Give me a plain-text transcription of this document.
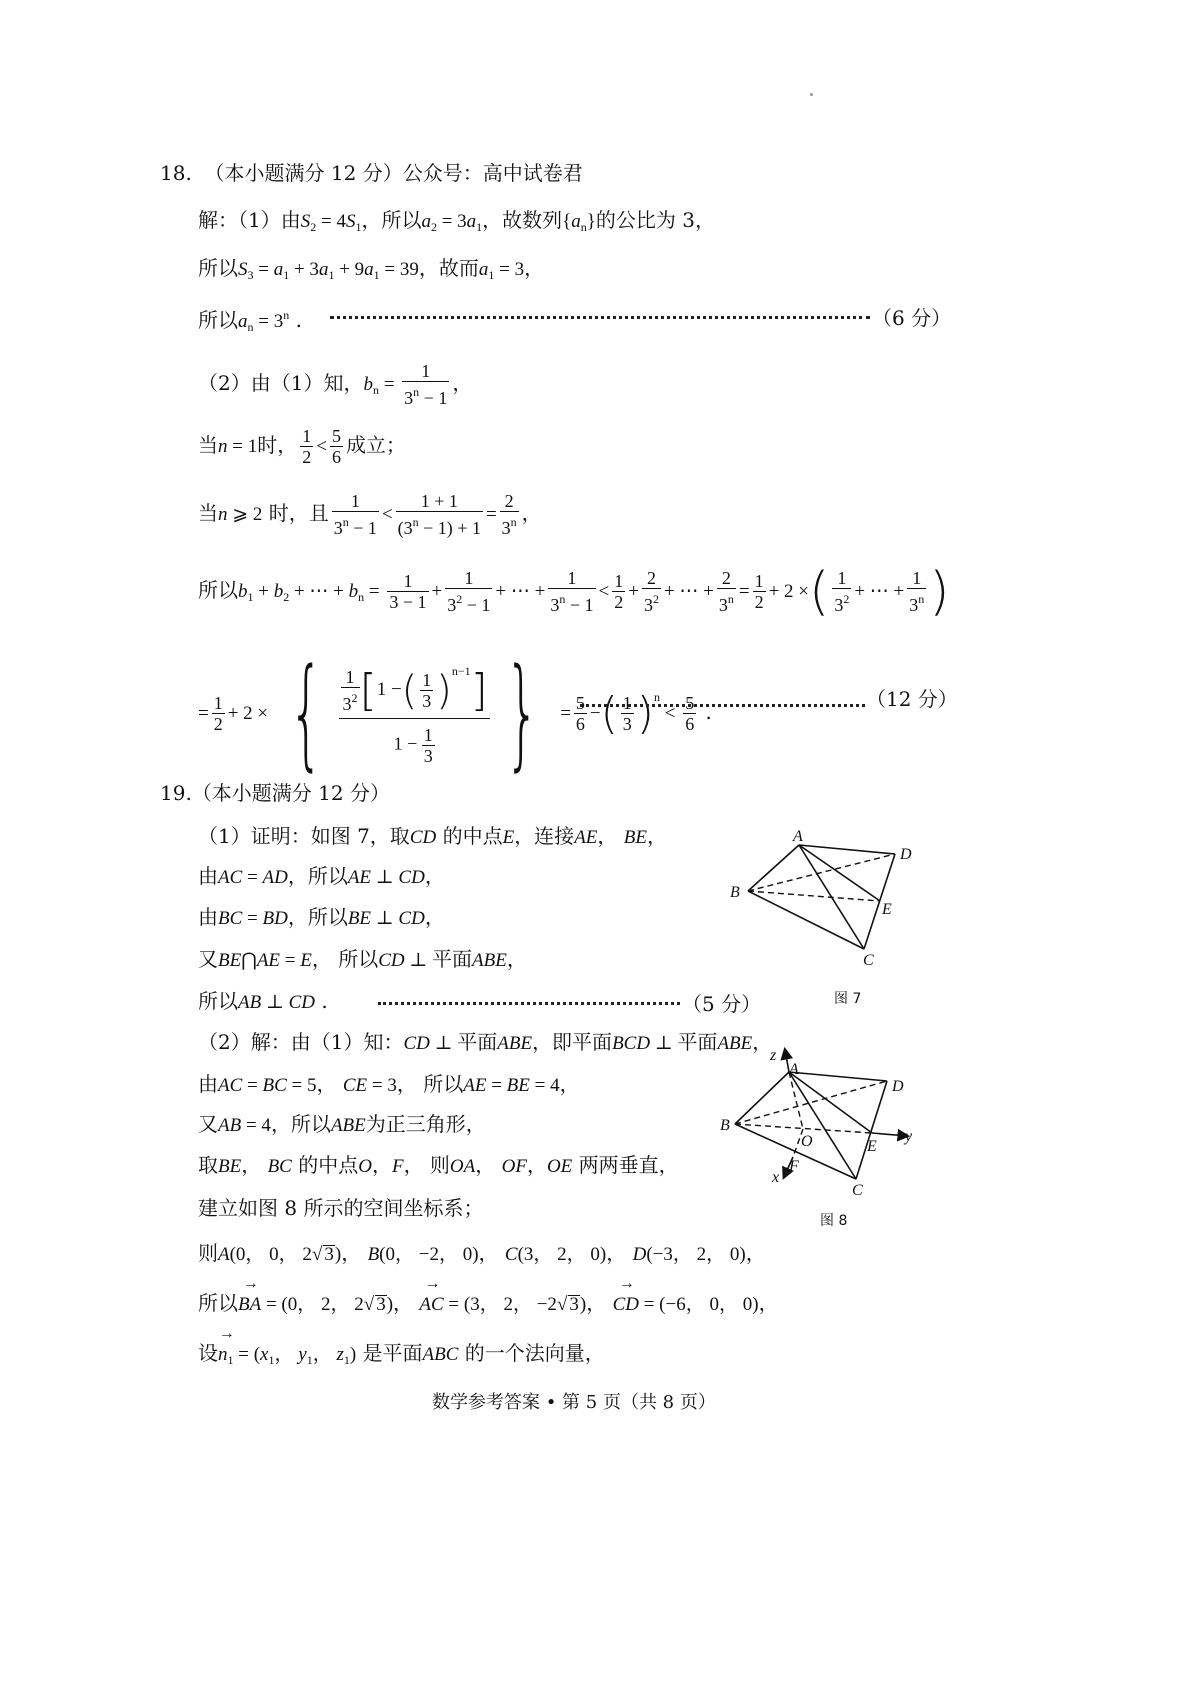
18. （本小题满分 12 分）公众号：高中试卷君
解：（1）由$S_2 = 4S_1$，所以$a_2 = 3a_1$，故数列$\{a_n\}$的公比为 3，
所以$S_3 = a_1 + 3a_1 + 9a_1 = 39$，故而$a_1 = 3$，
所以$a_n = 3^n$ .	（6 分）
（2）由（1）知，$b_n = \frac{1}{3^n - 1}$ ，
当n = 1时， $\frac{1}{2} < \frac{5}{6}$ 成立；
当n ⩾ 2 时，且 $\frac{1}{3^n - 1} < \frac{1 + 1}{(3^n - 1) + 1} = \frac{2}{3^n}$ ，
所以$b_1 + b_2$ + ⋯ + $b_n = \frac{1}{3 - 1} + \frac{1}{3^2 - 1}$ + ⋯ + $\frac{1}{3^n - 1} < \frac{1}{2} + \frac{2}{3^2}$ + ⋯ + $\frac{2}{3^n} = \frac{1}{2} + 2$ ×( $\frac{1}{3^2}$ + ⋯ + $\frac{1}{3^n}$ )
= $\frac{1}{2} + 2$ × { $\frac{\frac{1}{3^2} [1 -( \frac{1}{3} )^{n-1}]}{1 - \frac{1}{3}}$ } = $\frac{5}{6}$ −( $\frac{1}{3} )^n < \frac{5}{6}$ .
（12 分）
19.（本小题满分 12 分）
（1）证明：如图 7，取CD 的中点E，连接AE， BE，
由AC = AD，所以AE ⊥ CD，
由BC = BD，所以BE ⊥ CD，
又BE⋂AE = E， 所以CD ⊥ 平面ABE，
所以AB ⊥ CD .	（5 分）
（2）解：由（1）知：CD ⊥ 平面ABE，即平面BCD ⊥ 平面ABE，
由AC = BC = 5， CE = 3， 所以AE = BE = 4，
又AB = 4，所以ABE为正三角形，
取BE， BC 的中点O，F， 则OA， OF，OE 两两垂直，
建立如图 8 所示的空间坐标系；
则A(0， 0， 2√ 3)， B(0， −2， 0)， C(3， 2， 0)， D(−3， 2， 0)，
所以→ BA = (0， 2， 2√ 3)， → AC = (3， 2， −2√ 3)， → CD = (−6， 0， 0)，
设→ $n_1 = (x_1$， $y_1$， $z_1$) 是平面ABC 的一个法向量，
A
B
C
D
E
图 7
A
B
C
D
E
O
F
x
y
z
图 8
数学参考答案 • 第 5 页（共 8 页）
